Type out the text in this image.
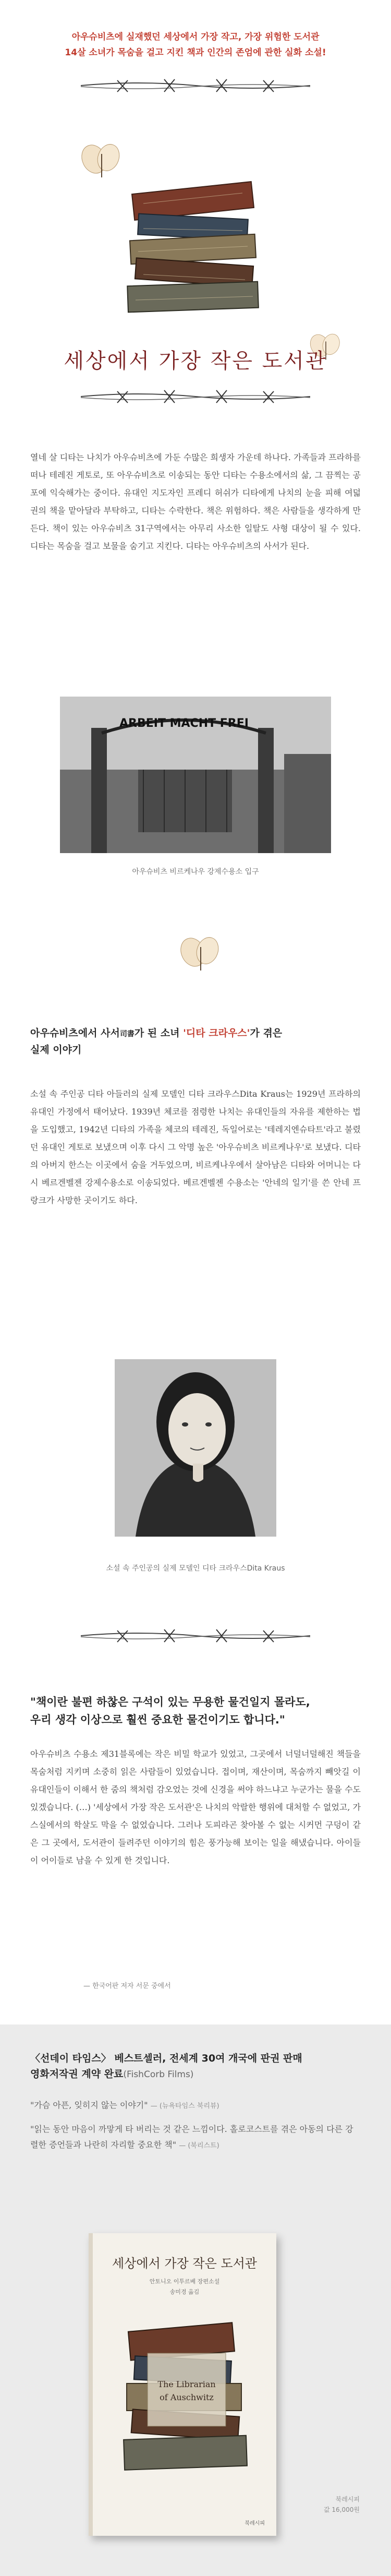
아우슈비츠에 실재했던 세상에서 가장 작고, 가장 위험한 도서관
14살 소녀가 목숨을 걸고 지킨 책과 인간의 존엄에 관한 실화 소설!
세상에서 가장 작은 도서관

열네 살 디타는 나치가 아우슈비츠에 가둔 수많은 희생자 가운데 하나다. 가족들과 프라하를 떠나 테레진 게토로, 또 아우슈비츠로 이송되는 동안 디타는 수용소에서의 삶, 그 끔찍는 공포에 익숙해가는 중이다. 유대인 지도자인 프레디 허쉬가 디타에게 나치의 눈을 피해 여덟 권의 책을 맡아달라 부탁하고, 디타는 수락한다. 책은 위험하다. 책은 사람들을 생각하게 만든다. 책이 있는 아우슈비츠 31구역에서는 아무리 사소한 일탈도 사형 대상이 될 수 있다. 디타는 목숨을 걸고 보물을 숨기고 지킨다. 디타는 아우슈비츠의 사서가 된다.

ARBEIT MACHT FREI
아우슈비츠 비르케나우 강제수용소 입구
아우슈비츠에서 사서司書가 된 소녀 '디타 크라우스'가 겪은
실제 이야기

소설 속 주인공 디타 아들러의 실제 모델인 디타 크라우스Dita Kraus는 1929년 프라하의 유대인 가정에서 태어났다. 1939년 체코를 점령한 나치는 유대인들의 자유를 제한하는 법을 도입했고, 1942년 디타의 가족을 체코의 테레진, 독일어로는 '테레지엔슈타트'라고 불렸던 유대인 게토로 보냈으며 이후 다시 그 악명 높은 '아우슈비츠 비르케나우'로 보냈다. 디타의 아버지 한스는 이곳에서 숨을 거두었으며, 비르케나우에서 살아남은 디타와 어머니는 다시 베르겐벨젠 강제수용소로 이송되었다. 베르겐벨젠 수용소는 '안네의 일기'를 쓴 안네 프랑크가 사망한 곳이기도 하다.

소설 속 주인공의 실제 모델인 디타 크라우스Dita Kraus
"책이란 불편 하찮은 구석이 있는 무용한 물건일지 몰라도,
우리 생각 이상으로 훨씬 중요한 물건이기도 합니다."

아우슈비츠 수용소 제31블록에는 작은 비밀 학교가 있었고, 그곳에서 너덜너덜해진 책들을 목숨처럼 지키며 소중히 읽은 사람들이 있었습니다. 접이며, 재산이며, 목숨까지 빼앗길 이 유대인들이 이해서 한 줌의 책처럼 감오었는 것에 신경을 써야 하느냐고 누군가는 물을 수도 있겠습니다. (…) '세상에서 가장 작은 도서관'은 나치의 악랄한 행위에 대처할 수 없었고, 가스실에서의 학살도 막을 수 없었습니다. 그러나 도피라곤 찾아볼 수 없는 시커먼 구덩이 같은 그 곳에서, 도서관이 들려주던 이야기의 힘은 풍가능해 보이는 일을 해냈습니다. 아이들이 어이들로 남을 수 있게 한 것입니다.

— 한국어판 저자 서문 중에서
〈선데이 타임스〉 베스트셀러, 전세계 30여 개국에 판권 판매
영화저작권 계약 완료(FishCorb Films)
"가슴 아픈, 잊히지 않는 이야기" — (뉴욕타임스 북리뷰)
"읽는 동안 마음이 까맣게 타 버리는 것 같은 느낌이다. 홀로코스트를 겪은 아동의 다른 강렬한 증언들과 나란히 자리할 중요한 책" — (북리스트)
세상에서 가장 작은 도서관
안토니오 이투르베 장편소설
송미경 옮김
The Librarian
of Auschwitz
북레시피
북레시피
값 16,000원
